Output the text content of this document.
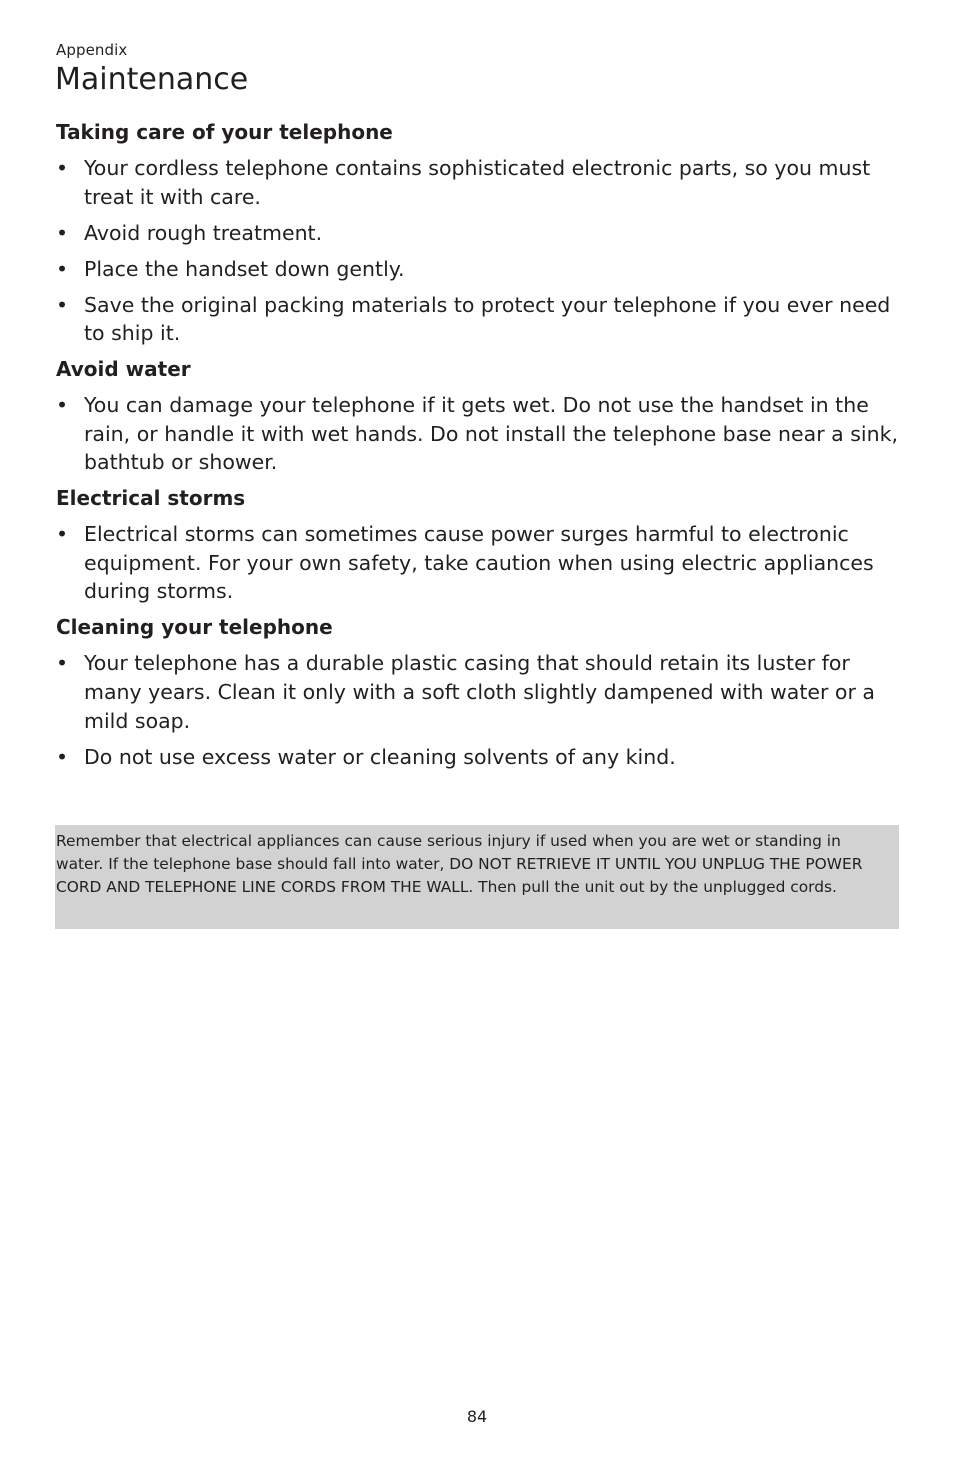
Appendix
Maintenance
Taking care of your telephone
• Your cordless telephone contains sophisticated electronic parts, so you must treat it with care.
• Avoid rough treatment.
• Place the handset down gently.
• Save the original packing materials to protect your telephone if you ever need to ship it.
Avoid water
• You can damage your telephone if it gets wet. Do not use the handset in the rain, or handle it with wet hands. Do not install the telephone base near a sink, bathtub or shower.
Electrical storms
• Electrical storms can sometimes cause power surges harmful to electronic equipment. For your own safety, take caution when using electric appliances during storms.
Cleaning your telephone
• Your telephone has a durable plastic casing that should retain its luster for many years. Clean it only with a soft cloth slightly dampened with water or a mild soap.
• Do not use excess water or cleaning solvents of any kind.

Remember that electrical appliances can cause serious injury if used when you are wet or standing in water. If the telephone base should fall into water, DO NOT RETRIEVE IT UNTIL YOU UNPLUG THE POWER CORD AND TELEPHONE LINE CORDS FROM THE WALL. Then pull the unit out by the unplugged cords.

84
